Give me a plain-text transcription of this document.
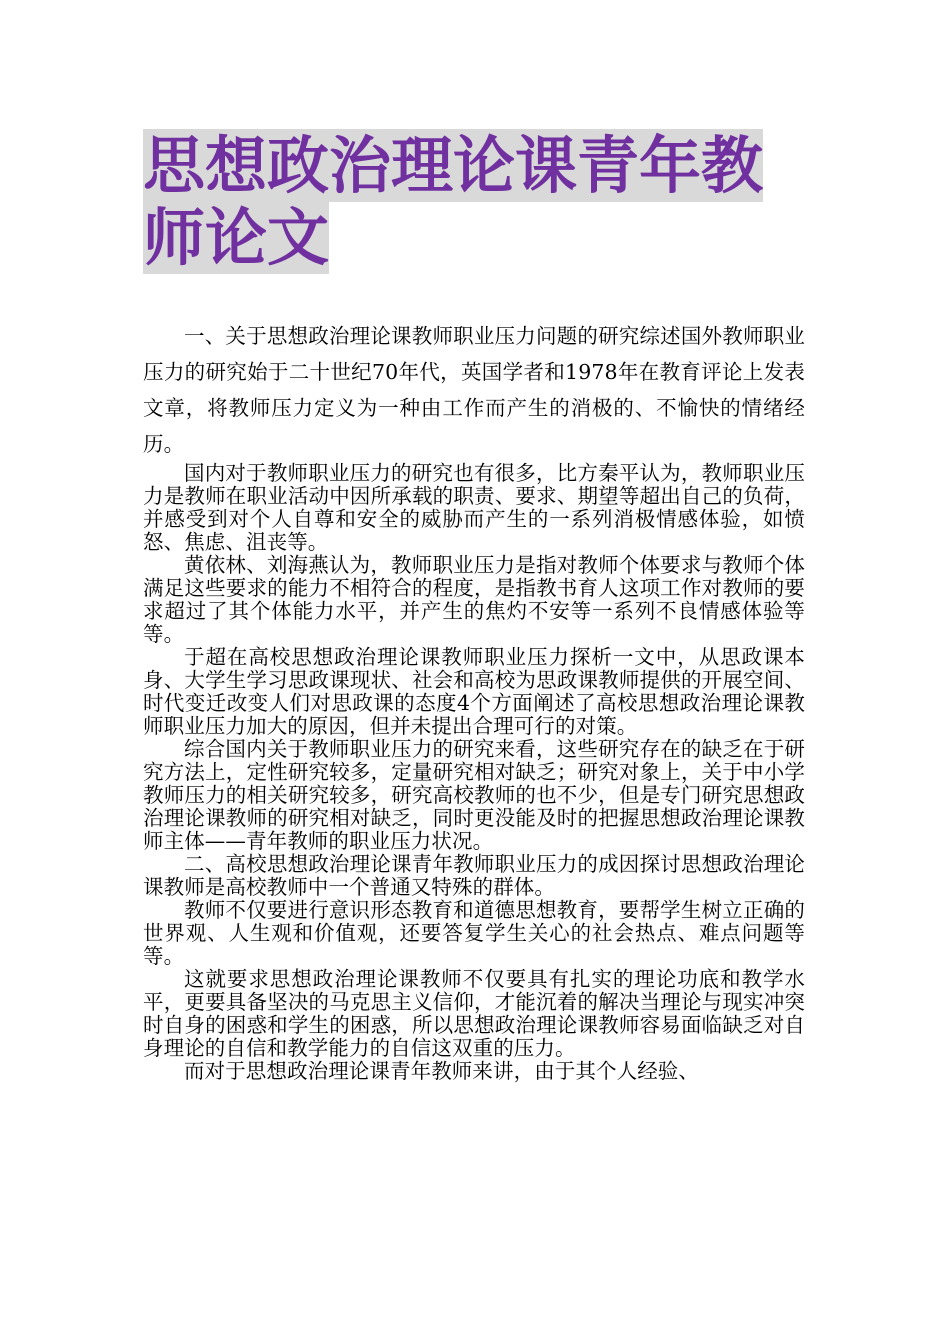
思想政治理论课青年教师论文

一、关于思想政治理论课教师职业压力问题的研究综述国外教师职业压力的研究始于二十世纪70年代，英国学者和1978年在教育评论上发表文章，将教师压力定义为一种由工作而产生的消极的、不愉快的情绪经历。

国内对于教师职业压力的研究也有很多，比方秦平认为，教师职业压力是教师在职业活动中因所承载的职责、要求、期望等超出自己的负荷，并感受到对个人自尊和安全的威胁而产生的一系列消极情感体验，如愤怒、焦虑、沮丧等。

黄依林、刘海燕认为，教师职业压力是指对教师个体要求与教师个体满足这些要求的能力不相符合的程度，是指教书育人这项工作对教师的要求超过了其个体能力水平，并产生的焦灼不安等一系列不良情感体验等等。

于超在高校思想政治理论课教师职业压力探析一文中，从思政课本身、大学生学习思政课现状、社会和高校为思政课教师提供的开展空间、时代变迁改变人们对思政课的态度4个方面阐述了高校思想政治理论课教师职业压力加大的原因，但并未提出合理可行的对策。

综合国内关于教师职业压力的研究来看，这些研究存在的缺乏在于研究方法上，定性研究较多，定量研究相对缺乏；研究对象上，关于中小学教师压力的相关研究较多，研究高校教师的也不少，但是专门研究思想政治理论课教师的研究相对缺乏，同时更没能及时的把握思想政治理论课教师主体——青年教师的职业压力状况。

二、高校思想政治理论课青年教师职业压力的成因探讨思想政治理论课教师是高校教师中一个普通又特殊的群体。

教师不仅要进行意识形态教育和道德思想教育，要帮学生树立正确的世界观、人生观和价值观，还要答复学生关心的社会热点、难点问题等等。

这就要求思想政治理论课教师不仅要具有扎实的理论功底和教学水平，更要具备坚决的马克思主义信仰，才能沉着的解决当理论与现实冲突时自身的困惑和学生的困惑，所以思想政治理论课教师容易面临缺乏对自身理论的自信和教学能力的自信这双重的压力。

而对于思想政治理论课青年教师来讲，由于其个人经验、
